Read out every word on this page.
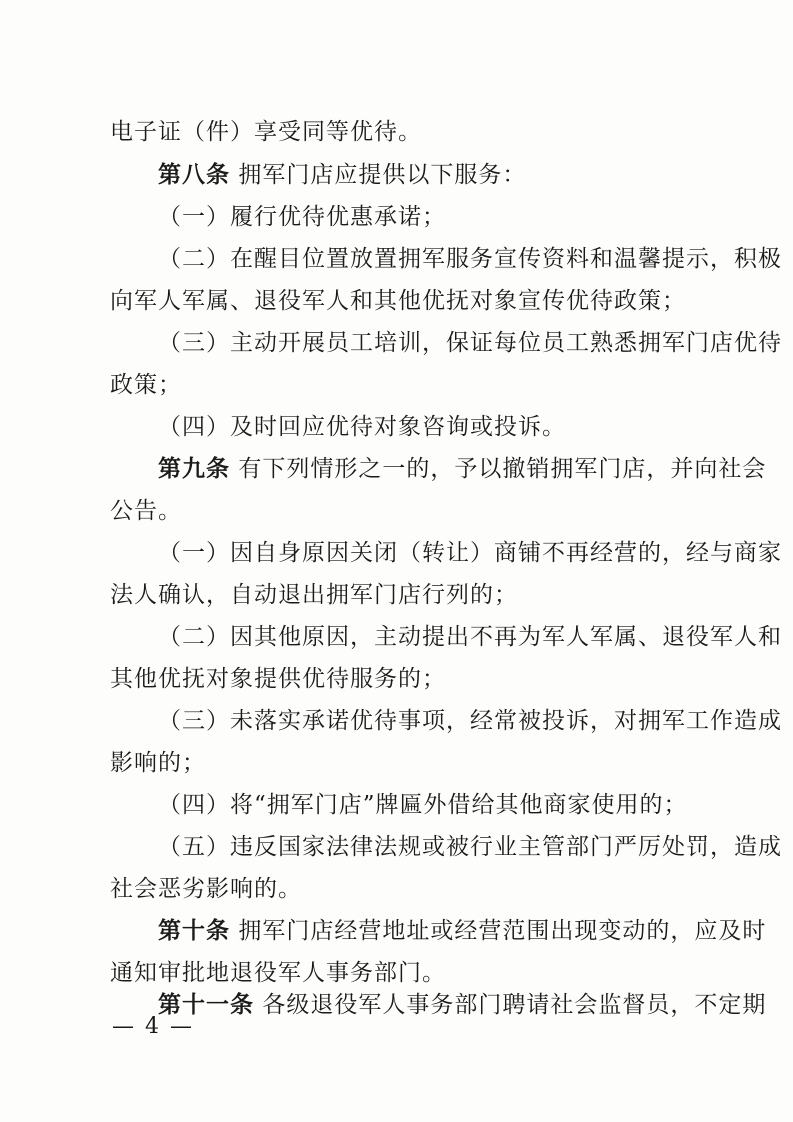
电子证（件）享受同等优待。
第八条 拥军门店应提供以下服务：
（一）履行优待优惠承诺；
（二）在醒目位置放置拥军服务宣传资料和温馨提示，积极
向军人军属、退役军人和其他优抚对象宣传优待政策；
（三）主动开展员工培训，保证每位员工熟悉拥军门店优待
政策；
（四）及时回应优待对象咨询或投诉。
第九条 有下列情形之一的，予以撤销拥军门店，并向社会
公告。
（一）因自身原因关闭（转让）商铺不再经营的，经与商家
法人确认，自动退出拥军门店行列的；
（二）因其他原因，主动提出不再为军人军属、退役军人和
其他优抚对象提供优待服务的；
（三）未落实承诺优待事项，经常被投诉，对拥军工作造成
影响的；
（四）将“拥军门店”牌匾外借给其他商家使用的；
（五）违反国家法律法规或被行业主管部门严厉处罚，造成
社会恶劣影响的。
第十条 拥军门店经营地址或经营范围出现变动的，应及时
通知审批地退役军人事务部门。
第十一条 各级退役军人事务部门聘请社会监督员，不定期
— 4 —
